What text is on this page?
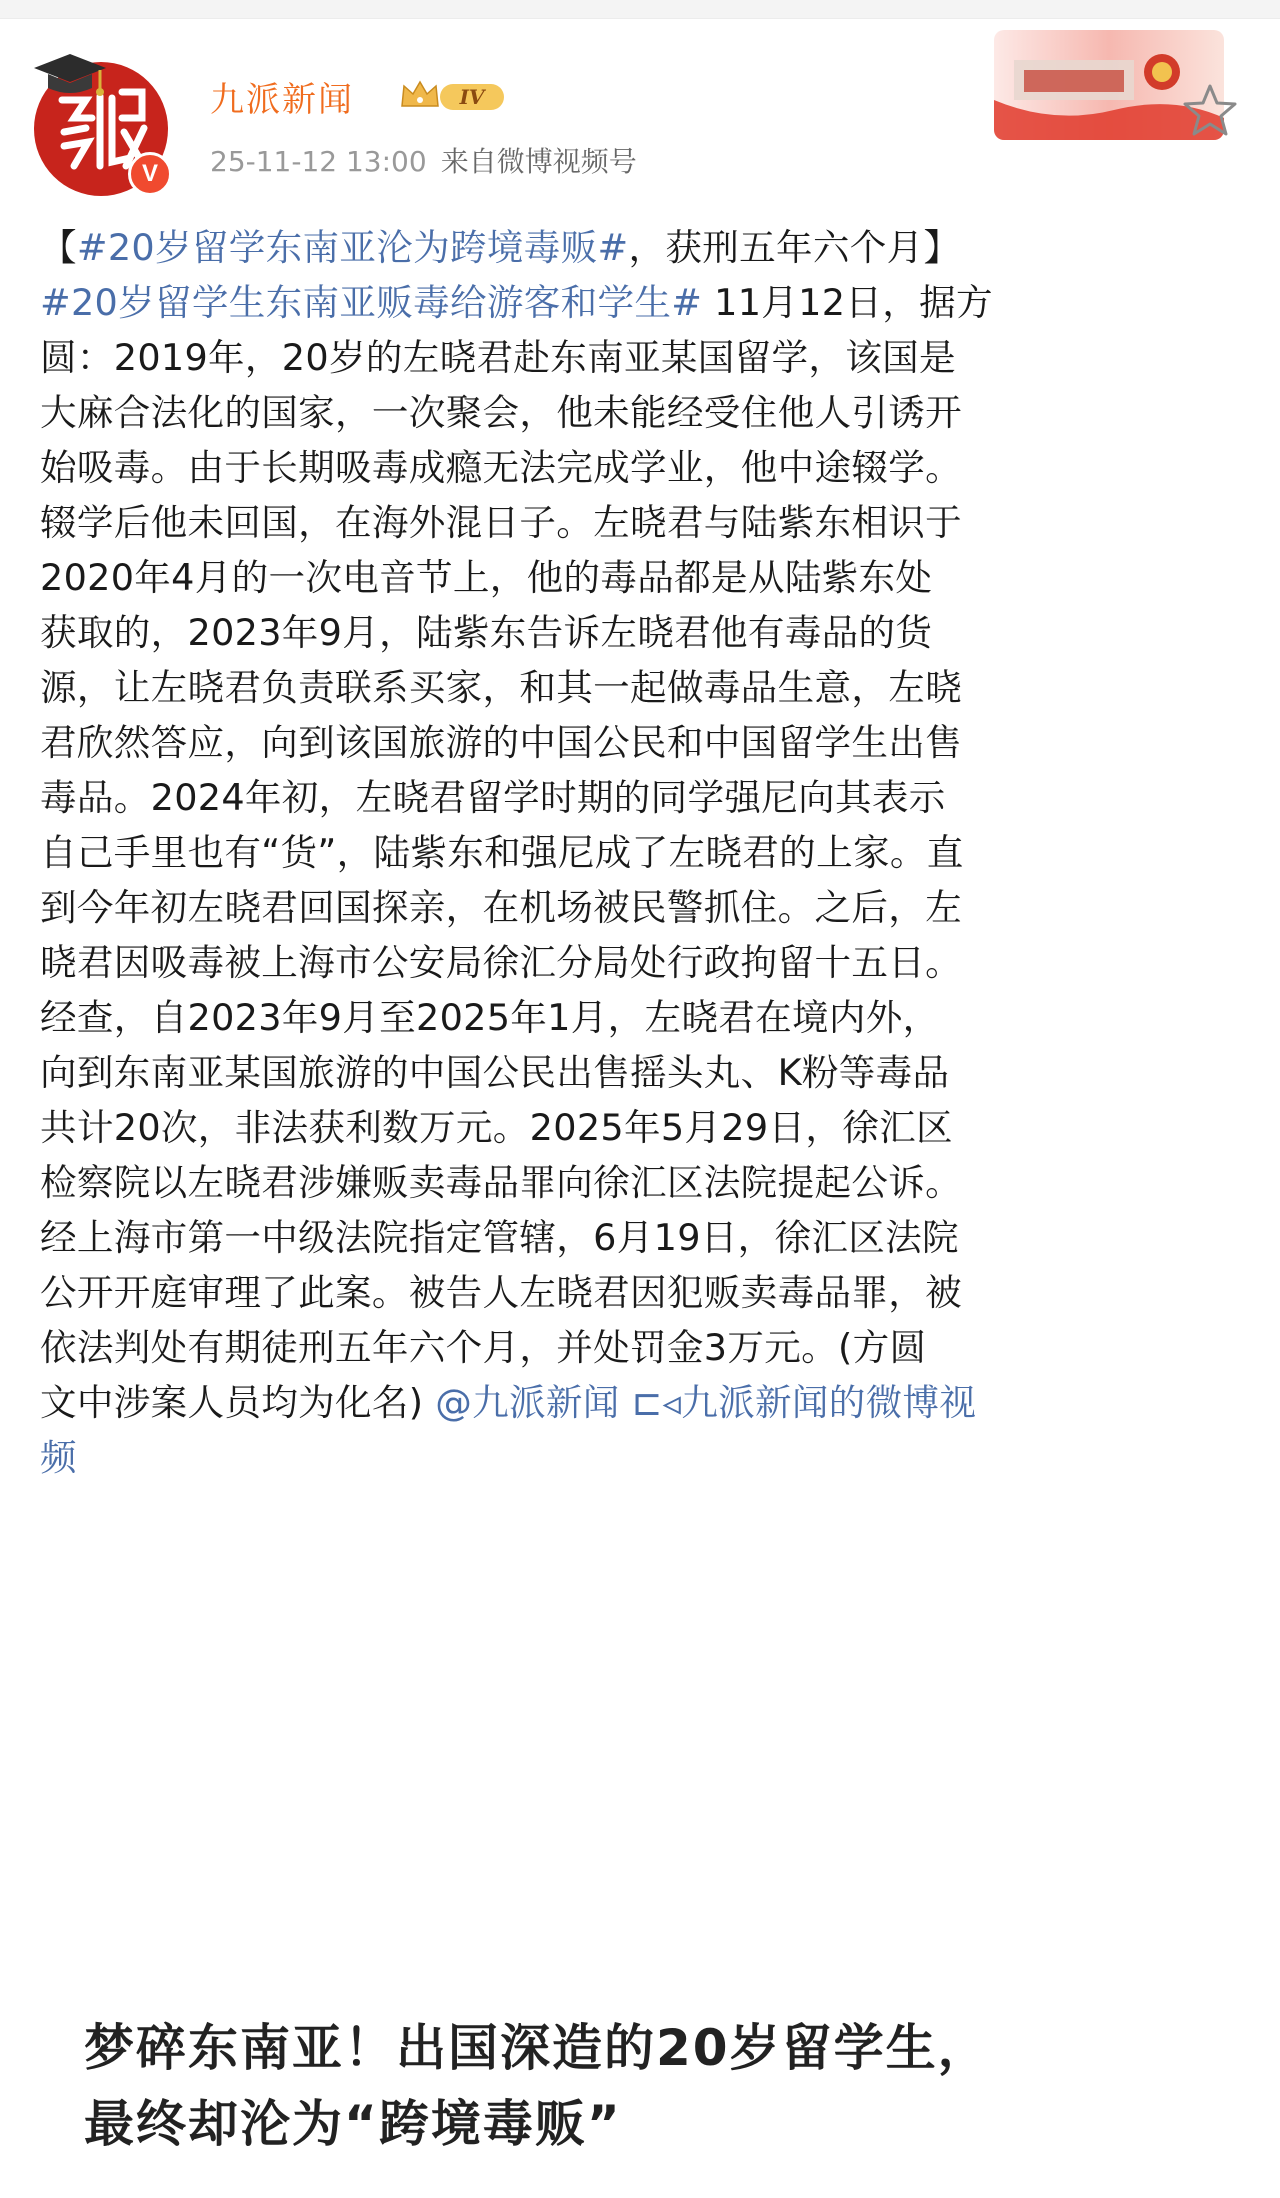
V
九派新闻	IV
25-11-12 13:00 来自微博视频号
【#20岁留学东南亚沦为跨境毒贩#，获刑五年六个月】
#20岁留学生东南亚贩毒给游客和学生# 11月12日，据方
圆：2019年，20岁的左晓君赴东南亚某国留学，该国是
大麻合法化的国家，一次聚会，他未能经受住他人引诱开
始吸毒。由于长期吸毒成瘾无法完成学业，他中途辍学。
辍学后他未回国，在海外混日子。左晓君与陆紫东相识于
2020年4月的一次电音节上，他的毒品都是从陆紫东处
获取的，2023年9月，陆紫东告诉左晓君他有毒品的货
源，让左晓君负责联系买家，和其一起做毒品生意，左晓
君欣然答应，向到该国旅游的中国公民和中国留学生出售
毒品。2024年初，左晓君留学时期的同学强尼向其表示
自己手里也有“货”，陆紫东和强尼成了左晓君的上家。直
到今年初左晓君回国探亲，在机场被民警抓住。之后，左
晓君因吸毒被上海市公安局徐汇分局处行政拘留十五日。
经查，自2023年9月至2025年1月，左晓君在境内外，
向到东南亚某国旅游的中国公民出售摇头丸、K粉等毒品
共计20次，非法获利数万元。2025年5月29日，徐汇区
检察院以左晓君涉嫌贩卖毒品罪向徐汇区法院提起公诉。
经上海市第一中级法院指定管辖，6月19日，徐汇区法院
公开开庭审理了此案。被告人左晓君因犯贩卖毒品罪，被
依法判处有期徒刑五年六个月，并处罚金3万元。(方圆
文中涉案人员均为化名) @九派新闻 ⊏◃九派新闻的微博视
频
梦碎东南亚！出国深造的20岁留学生，
最终却沦为“跨境毒贩”
